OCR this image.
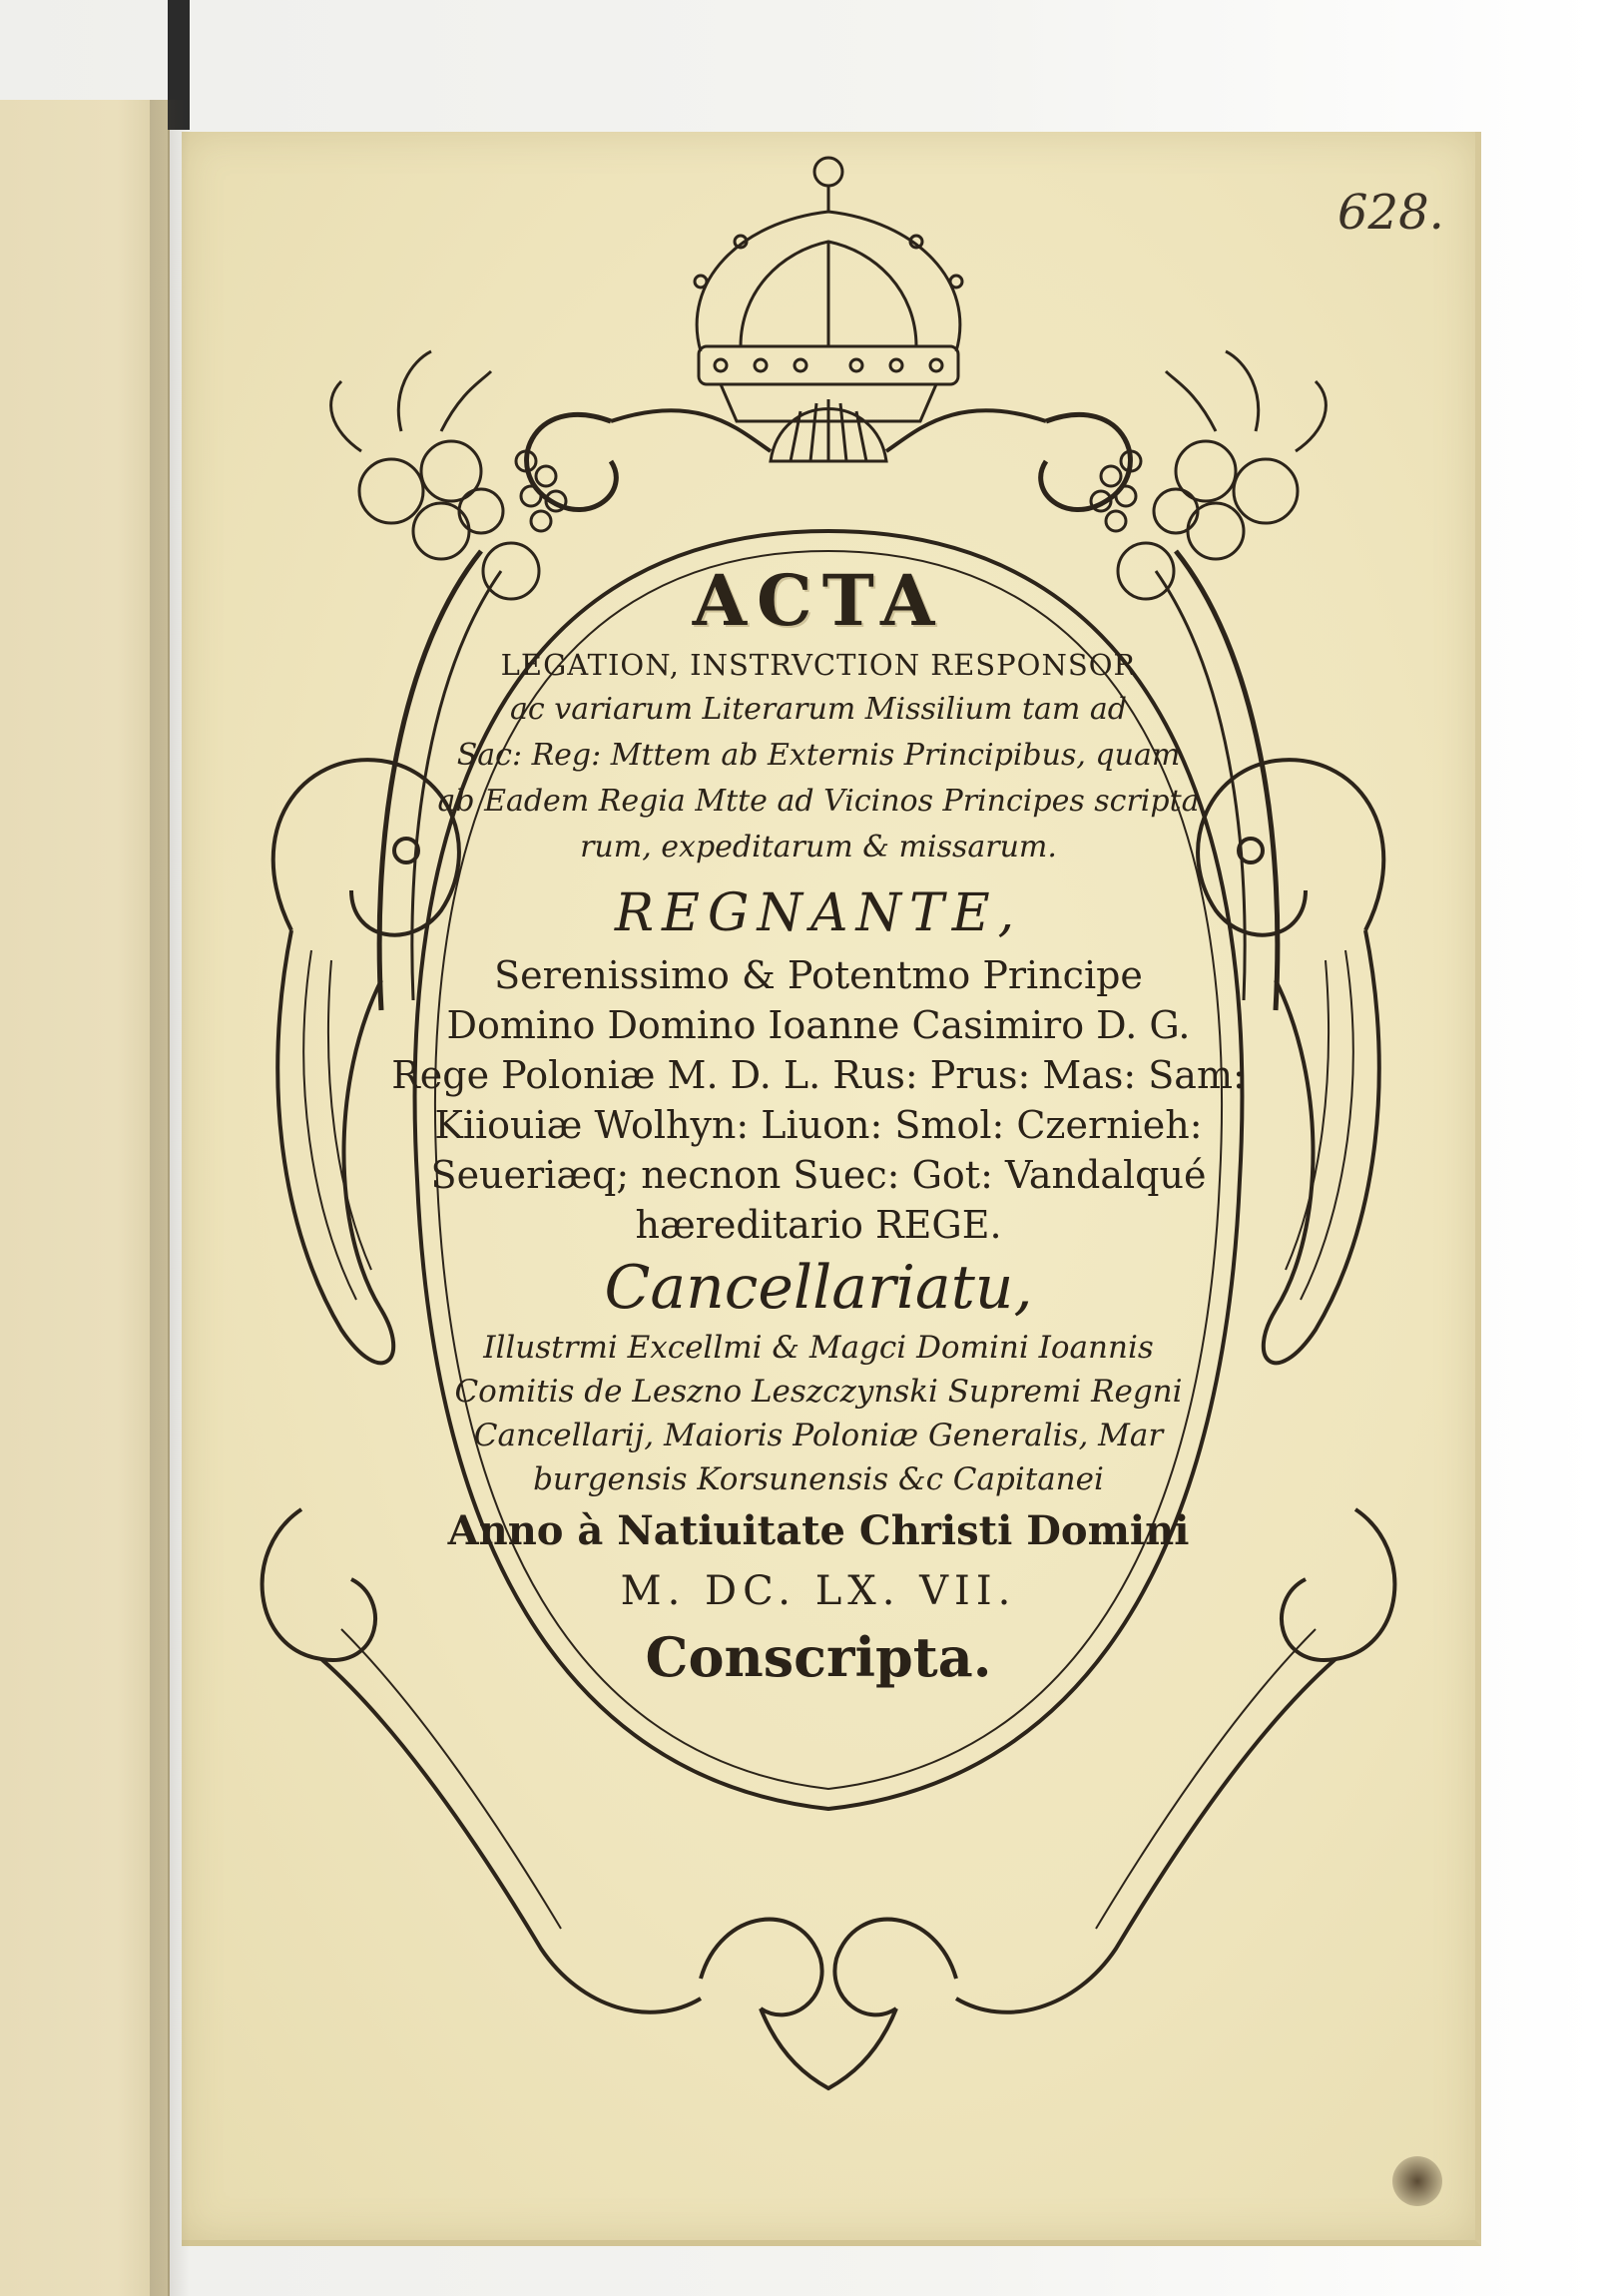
628.
ACTA
LEGATION, INSTRVCTION RESPONSOR
ac variarum Literarum Missilium tam ad
Sac: Reg: Mttem ab Externis Principibus, quam
ab Eadem Regia Mtte ad Vicinos Principes scripta
rum, expeditarum & missarum.
REGNANTE,
Serenissimo & Potentmo Principe
Domino Domino Ioanne Casimiro D. G.
Rege Poloniæ M. D. L. Rus: Prus: Mas: Sam:
Kiiouiæ Wolhyn: Liuon: Smol: Czernieh:
Seueriæq; necnon Suec: Got: Vandalqué
hæreditario REGE.
Cancellariatu,
Illustrmi Excellmi & Magci Domini Ioannis
Comitis de Leszno Leszczynski Supremi Regni
Cancellarij, Maioris Poloniæ Generalis, Mar
burgensis Korsunensis &c Capitanei
Anno à Natiuitate Christi Domini
M. DC. LX. VII.
Conscripta.
